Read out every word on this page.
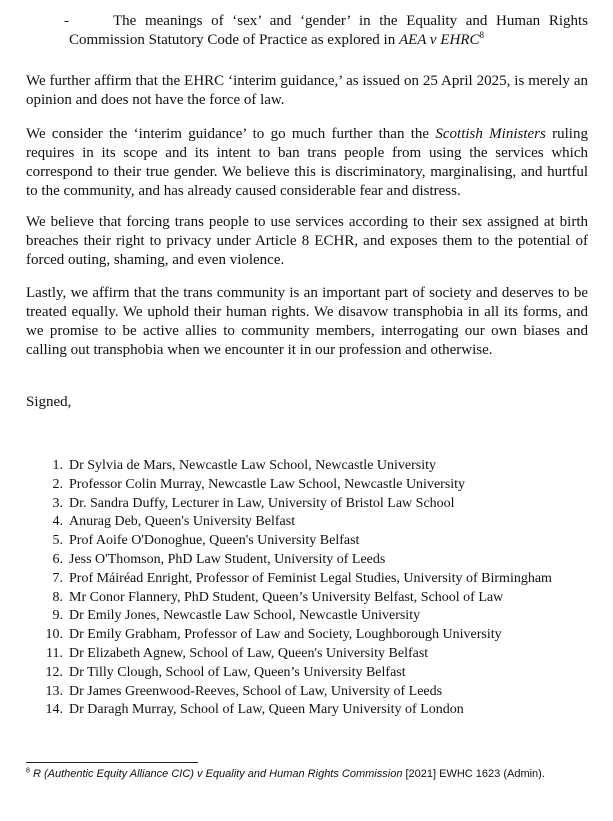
-	The meanings of ‘sex’ and ‘gender’ in the Equality and Human Rights Commission Statutory Code of Practice as explored in AEA v EHRC$^8$

We further affirm that the EHRC ‘interim guidance,’ as issued on 25 April 2025, is merely an opinion and does not have the force of law.

We consider the ‘interim guidance’ to go much further than the Scottish Ministers ruling requires in its scope and its intent to ban trans people from using the services which correspond to their true gender. We believe this is discriminatory, marginalising, and hurtful to the community, and has already caused considerable fear and distress.

We believe that forcing trans people to use services according to their sex assigned at birth breaches their right to privacy under Article 8 ECHR, and exposes them to the potential of forced outing, shaming, and even violence.

Lastly, we affirm that the trans community is an important part of society and deserves to be treated equally. We uphold their human rights. We disavow transphobia in all its forms, and we promise to be active allies to community members, interrogating our own biases and calling out transphobia when we encounter it in our profession and otherwise.

Signed,

1. Dr Sylvia de Mars, Newcastle Law School, Newcastle University
2. Professor Colin Murray, Newcastle Law School, Newcastle University
3. Dr. Sandra Duffy, Lecturer in Law, University of Bristol Law School
4. Anurag Deb, Queen's University Belfast
5. Prof Aoife O'Donoghue, Queen's University Belfast
6. Jess O'Thomson, PhD Law Student, University of Leeds
7. Prof Máiréad Enright, Professor of Feminist Legal Studies, University of Birmingham
8. Mr Conor Flannery, PhD Student, Queen’s University Belfast, School of Law
9. Dr Emily Jones, Newcastle Law School, Newcastle University
10. Dr Emily Grabham, Professor of Law and Society, Loughborough University
11. Dr Elizabeth Agnew, School of Law, Queen's University Belfast
12. Dr Tilly Clough, School of Law, Queen’s University Belfast
13. Dr James Greenwood-Reeves, School of Law, University of Leeds
14. Dr Daragh Murray, School of Law, Queen Mary University of London

$^8$ R (Authentic Equity Alliance CIC) v Equality and Human Rights Commission [2021] EWHC 1623 (Admin).
